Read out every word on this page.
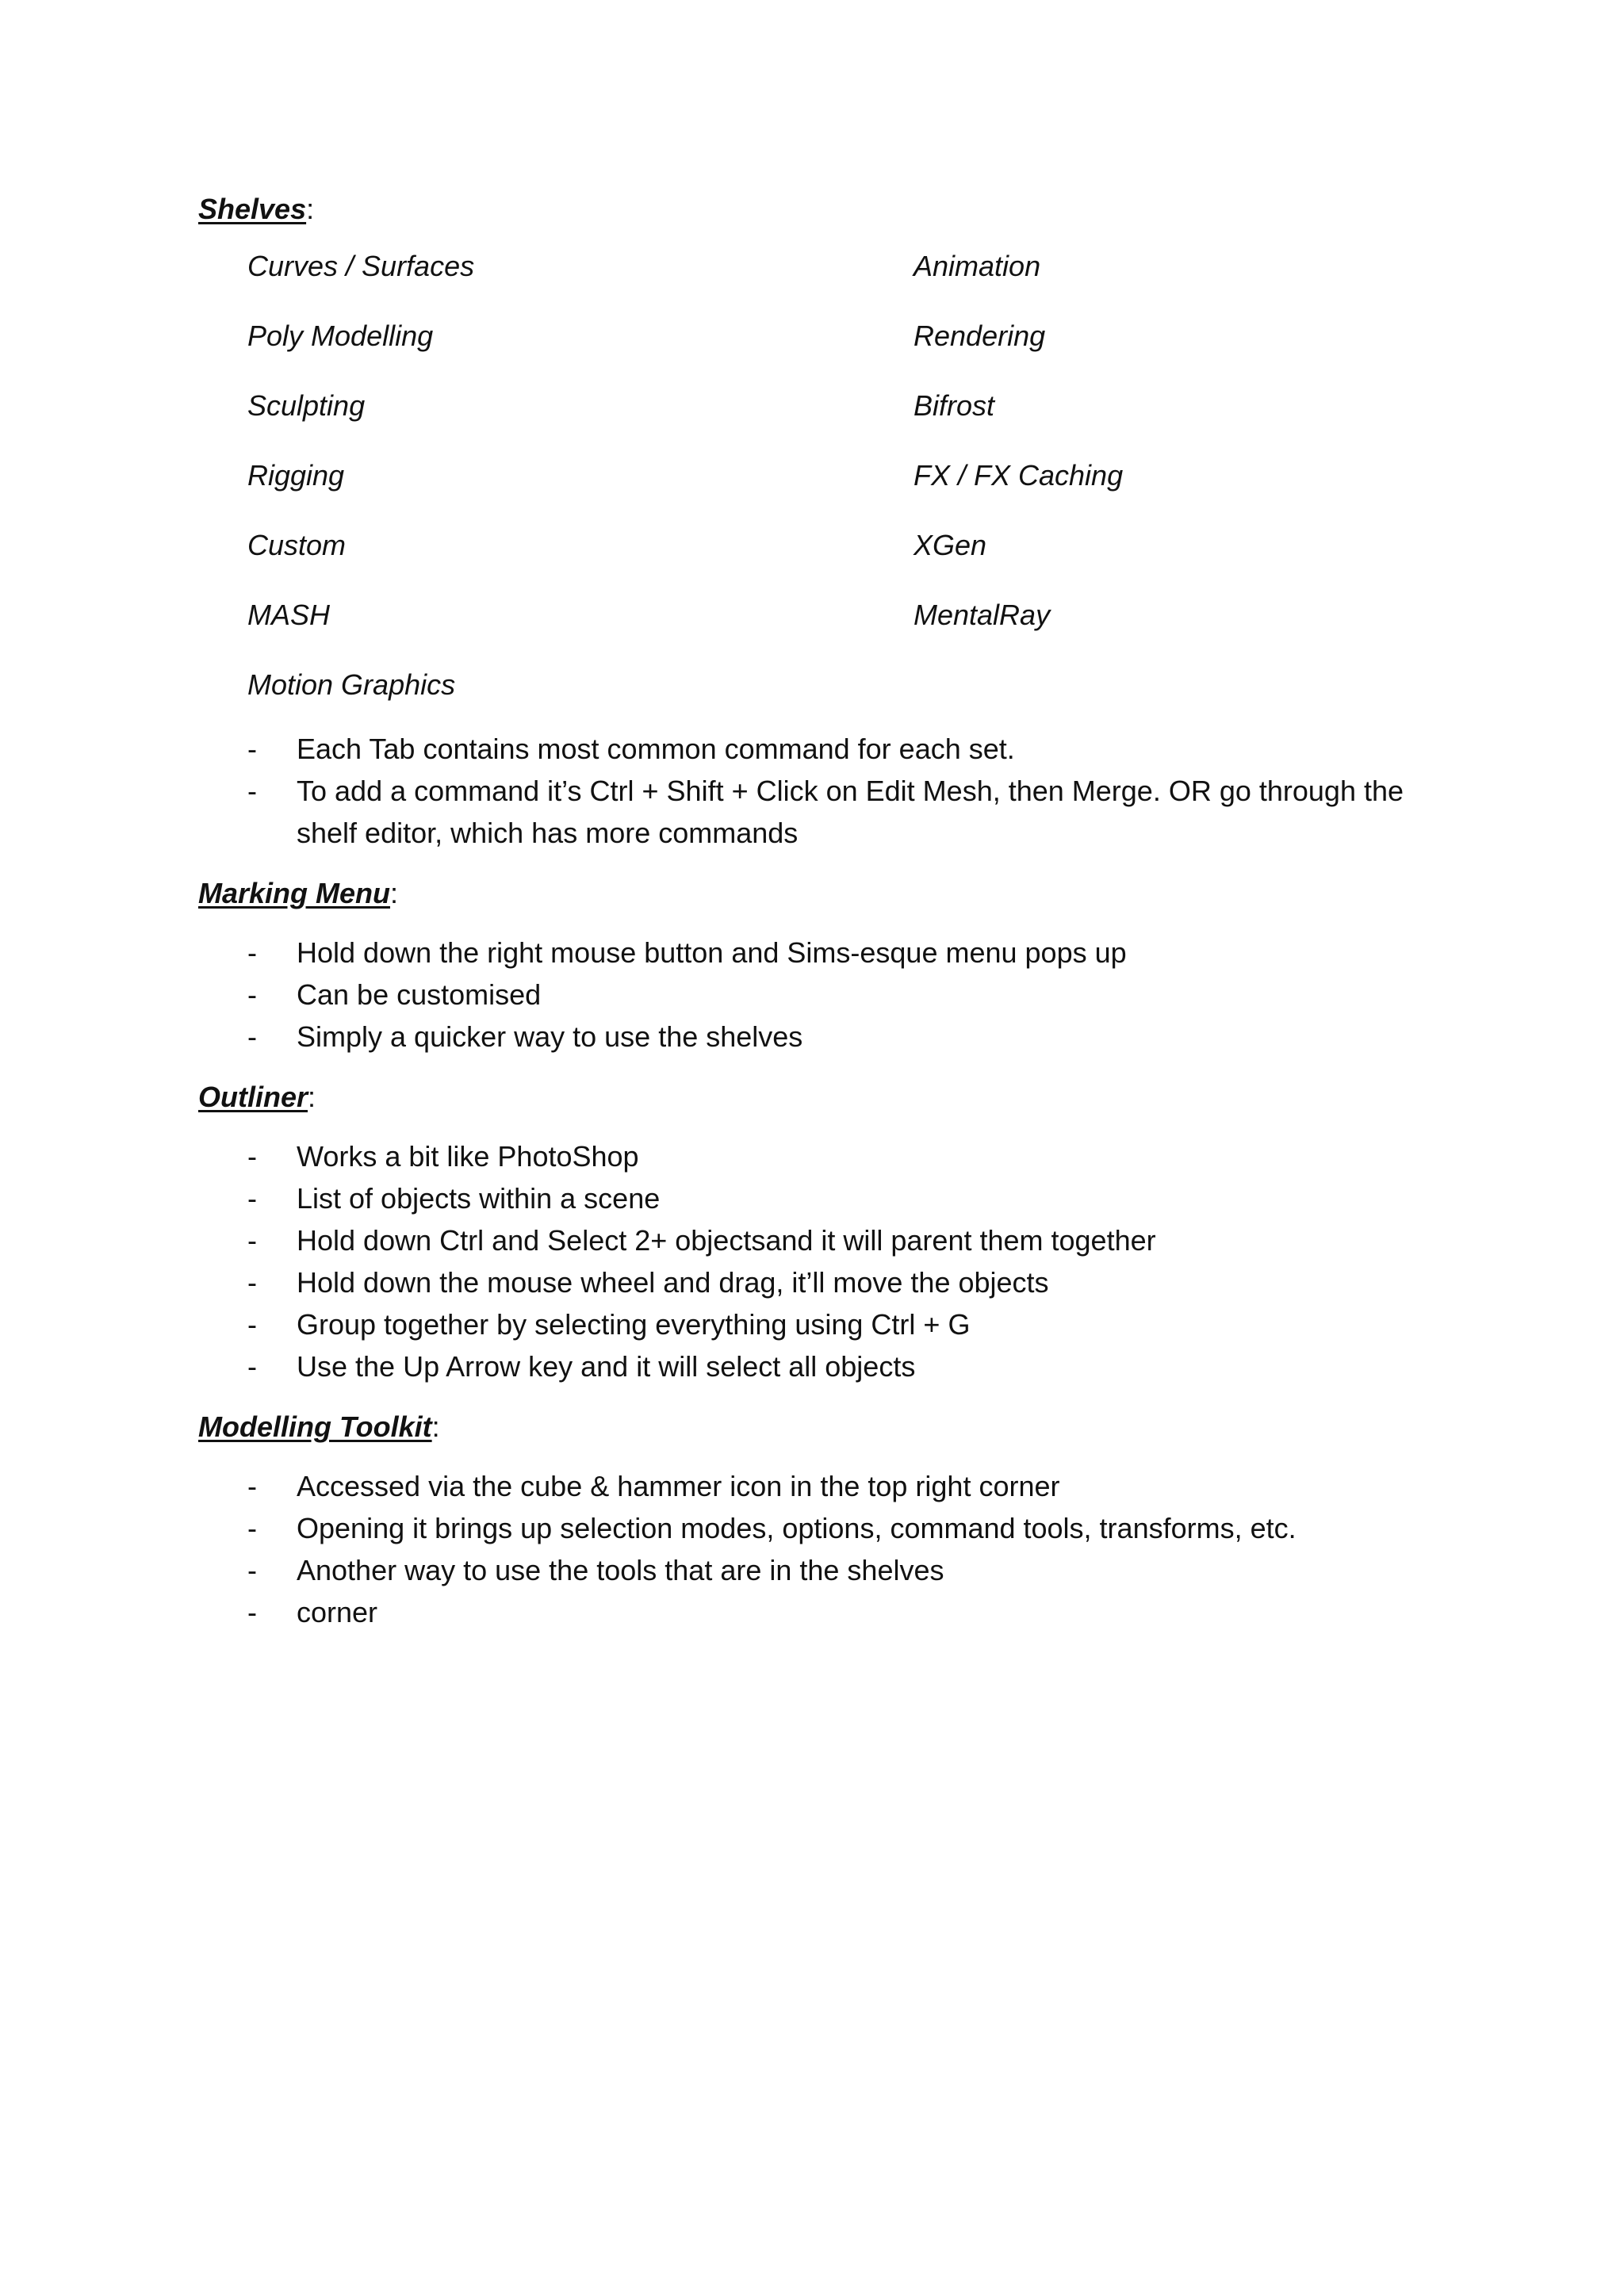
Shelves:
Curves / Surfaces	Animation
Poly Modelling	Rendering
Sculpting	Bifrost
Rigging	FX / FX Caching
Custom	XGen
MASH	MentalRay
Motion Graphics
- Each Tab contains most common command for each set.
- To add a command it’s Ctrl + Shift + Click on Edit Mesh, then Merge. OR go through the shelf editor, which has more commands
Marking Menu:
- Hold down the right mouse button and Sims-esque menu pops up
- Can be customised
- Simply a quicker way to use the shelves
Outliner:
- Works a bit like PhotoShop
- List of objects within a scene
- Hold down Ctrl and Select 2+ objectsand it will parent them together
- Hold down the mouse wheel and drag, it’ll move the objects
- Group together by selecting everything using Ctrl + G
- Use the Up Arrow key and it will select all objects
Modelling Toolkit:
- Accessed via the cube & hammer icon in the top right corner
- Opening it brings up selection modes, options, command tools, transforms, etc.
- Another way to use the tools that are in the shelves
- corner
